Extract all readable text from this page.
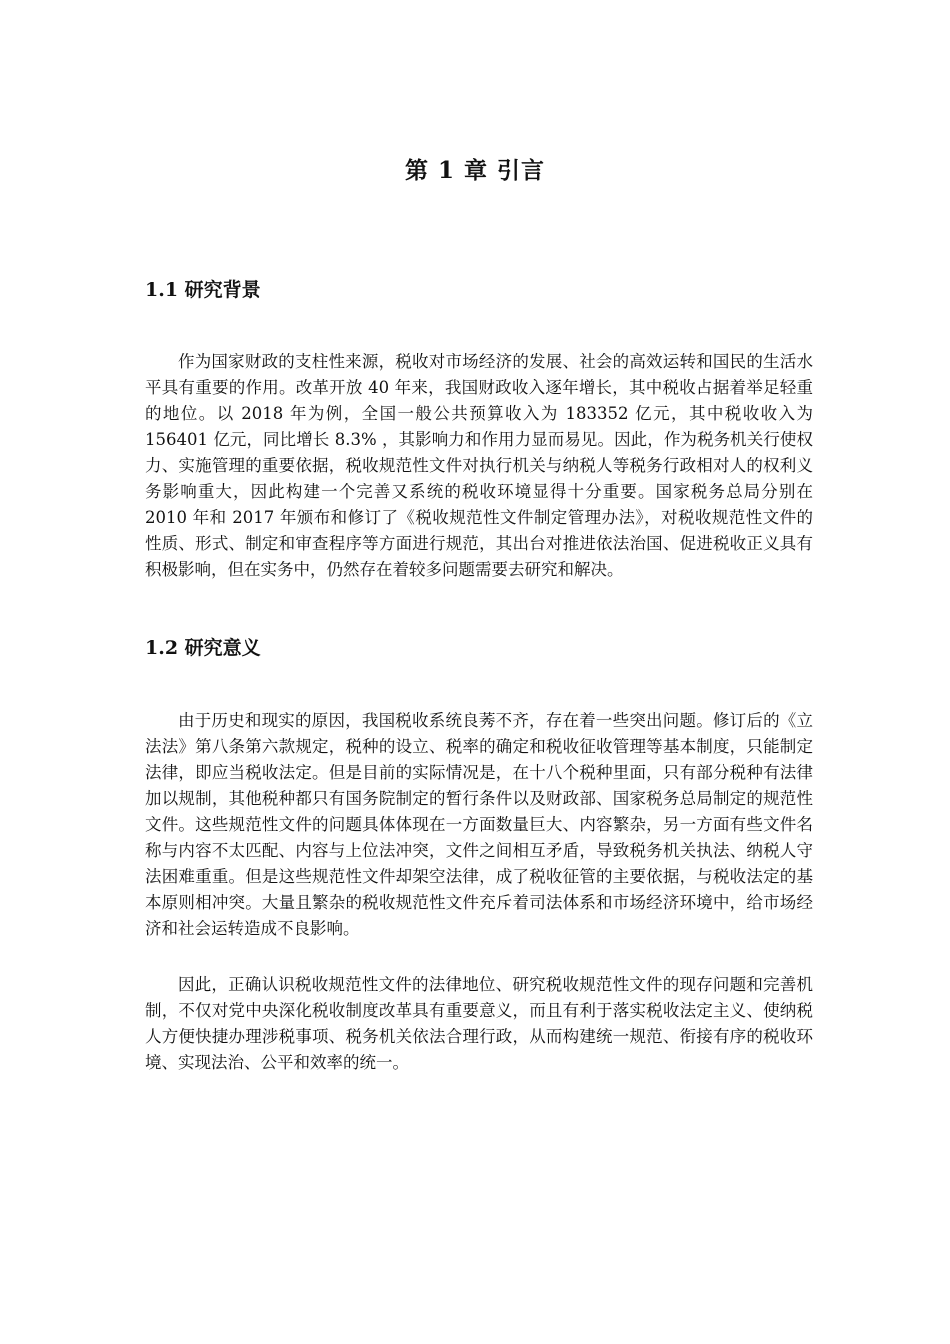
第 1 章 引言
1.1 研究背景

作为国家财政的支柱性来源，税收对市场经济的发展、社会的高效运转和国民的生活水平具有重要的作用。改革开放 40 年来，我国财政收入逐年增长，其中税收占据着举足轻重的地位。以 2018 年为例，全国一般公共预算收入为 183352 亿元，其中税收收入为 156401 亿元，同比增长 8.3% ，其影响力和作用力显而易见。因此，作为税务机关行使权力、实施管理的重要依据，税收规范性文件对执行机关与纳税人等税务行政相对人的权利义务影响重大，因此构建一个完善又系统的税收环境显得十分重要。国家税务总局分别在 2010 年和 2017 年颁布和修订了《税收规范性文件制定管理办法》，对税收规范性文件的性质、形式、制定和审查程序等方面进行规范，其出台对推进依法治国、促进税收正义具有积极影响，但在实务中，仍然存在着较多问题需要去研究和解决。

1.2 研究意义

由于历史和现实的原因，我国税收系统良莠不齐，存在着一些突出问题。修订后的《立法法》第八条第六款规定，税种的设立、税率的确定和税收征收管理等基本制度，只能制定法律，即应当税收法定。但是目前的实际情况是，在十八个税种里面，只有部分税种有法律加以规制，其他税种都只有国务院制定的暂行条件以及财政部、国家税务总局制定的规范性文件。这些规范性文件的问题具体体现在一方面数量巨大、内容繁杂，另一方面有些文件名称与内容不太匹配、内容与上位法冲突，文件之间相互矛盾，导致税务机关执法、纳税人守法困难重重。但是这些规范性文件却架空法律，成了税收征管的主要依据，与税收法定的基本原则相冲突。大量且繁杂的税收规范性文件充斥着司法体系和市场经济环境中，给市场经济和社会运转造成不良影响。

因此，正确认识税收规范性文件的法律地位、研究税收规范性文件的现存问题和完善机制，不仅对党中央深化税收制度改革具有重要意义，而且有利于落实税收法定主义、使纳税人方便快捷办理涉税事项、税务机关依法合理行政，从而构建统一规范、衔接有序的税收环境、实现法治、公平和效率的统一。
